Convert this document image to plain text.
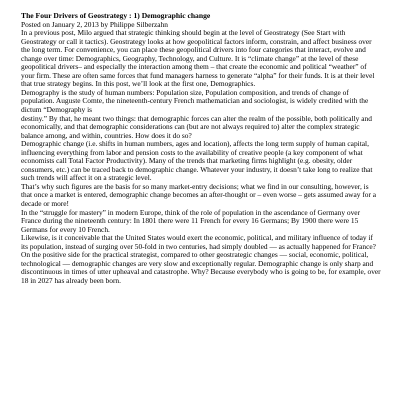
The Four Drivers of Geostrategy : 1) Demographic change
Posted on January 2, 2013 by Philippe Silberzahn

In a previous post, Milo argued that strategic thinking should begin at the level of Geostrategy (See Start with Geostrategy or call it tactics). Geostrategy looks at how geopolitical factors inform, constrain, and affect business over the long term. For convenience, you can place these geopolitical drivers into four categories that interact, evolve and change over time: Demographics, Geography, Technology, and Culture. It is “climate change” at the level of these geopolitical drivers– and especially the interaction among them – that create the economic and political “weather” of your firm. These are often same forces that fund managers harness to generate “alpha” for their funds. It is at their level that true strategy begins. In this post, we’ll look at the first one, Demographics.

Demography is the study of human numbers: Population size, Population composition, and trends of change of population. Auguste Comte, the nineteenth-century French mathematician and sociologist, is widely credited with the dictum “Demography is

destiny.” By that, he meant two things: that demographic forces can alter the realm of the possible, both politically and economically, and that demographic considerations can (but are not always required to) alter the complex strategic balance among, and within, countries. How does it do so?

Demographic change (i.e. shifts in human numbers, ages and location), affects the long term supply of human capital, influencing everything from labor and pension costs to the availability of creative people (a key component of what economists call Total Factor Productivity). Many of the trends that marketing firms highlight (e.g. obesity, older consumers, etc.) can be traced back to demographic change. Whatever your industry, it doesn’t take long to realize that such trends will affect it on a strategic level.

That’s why such figures are the basis for so many market-entry decisions; what we find in our consulting, however, is that once a market is entered, demographic change becomes an after-thought or – even worse – gets assumed away for a decade or more!

In the “struggle for mastery” in modern Europe, think of the role of population in the ascendance of Germany over France during the nineteenth century: In 1801 there were 11 French for every 16 Germans; By 1900 there were 15 Germans for every 10 French.

Likewise, is it conceivable that the United States would exert the economic, political, and military influence of today if its population, instead of surging over 50-fold in two centuries, had simply doubled — as actually happened for France? On the positive side for the practical strategist, compared to other geostrategic changes — social, economic, political, technological — demographic changes are very slow and exceptionally regular. Demographic change is only sharp and discontinuous in times of utter upheaval and catastrophe. Why? Because everybody who is going to be, for example, over 18 in 2027 has already been born.
